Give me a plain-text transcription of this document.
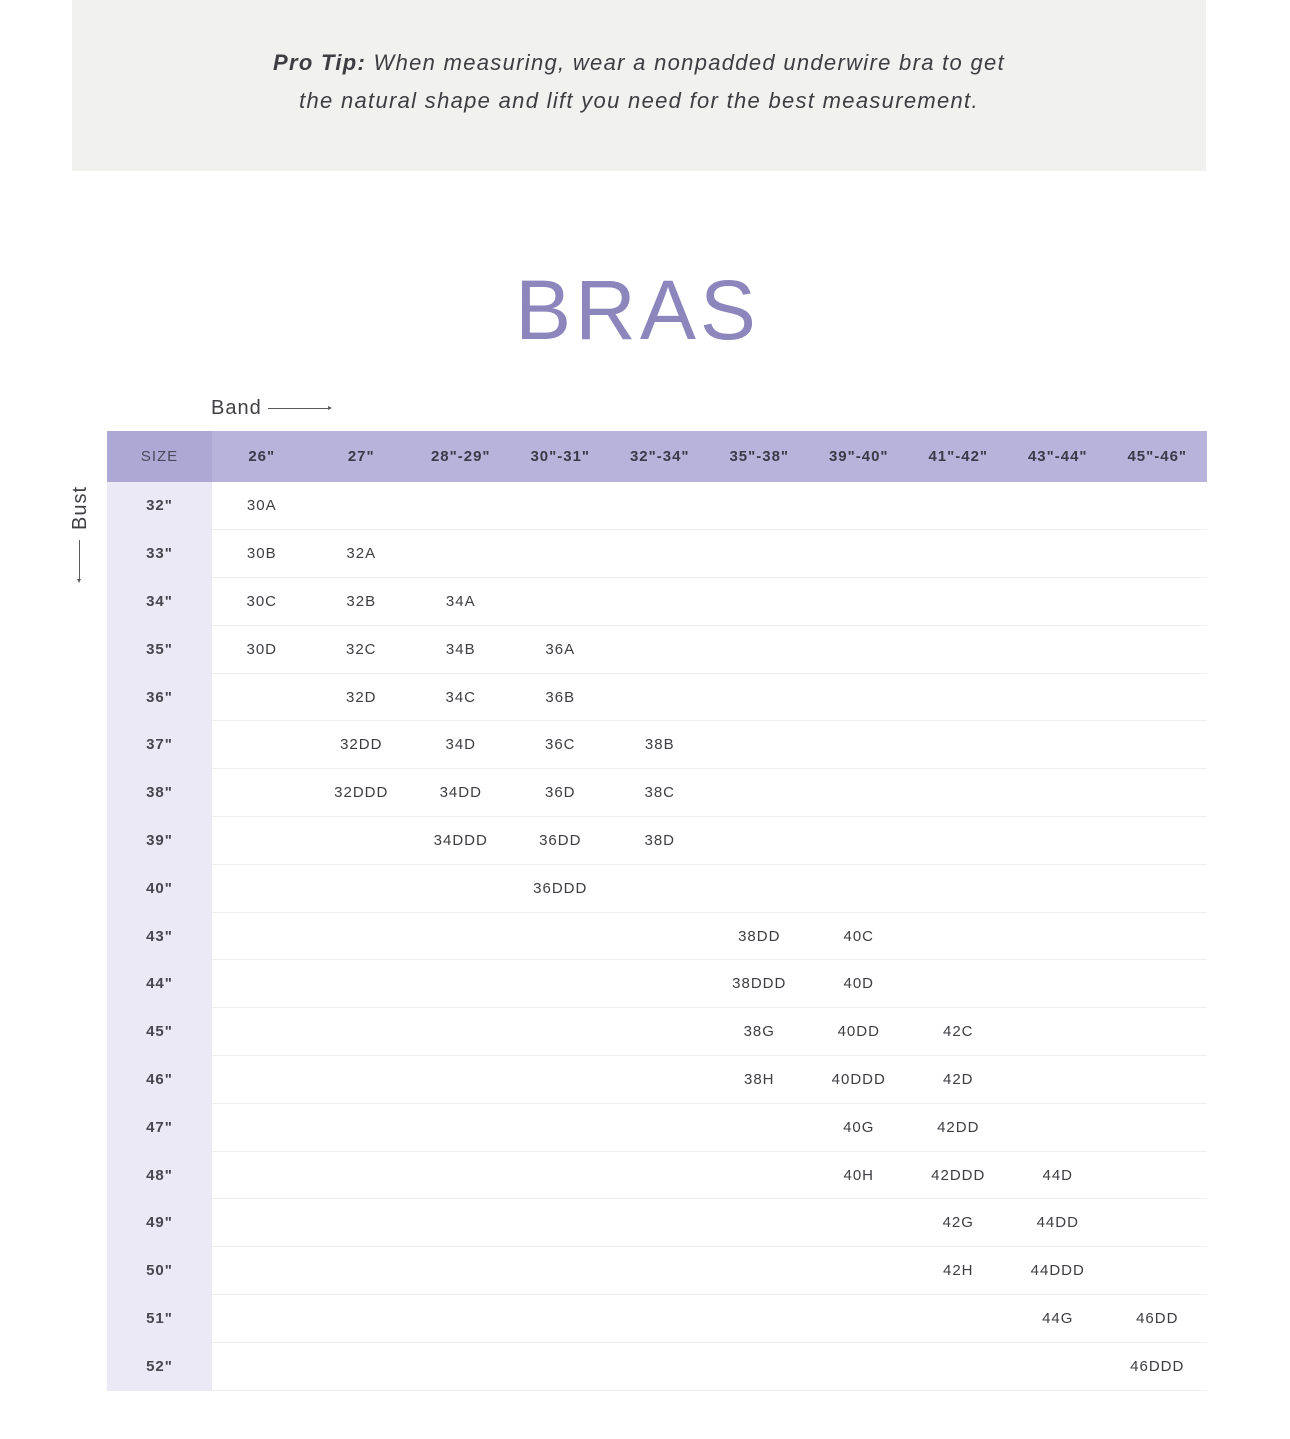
Pro Tip: When measuring, wear a nonpadded underwire bra to get
the natural shape and lift you need for the best measurement.
BRAS
Band
Bust
SIZE	26"	27"	28"-29"	30"-31"	32"-34"	35"-38"	39"-40"	41"-42"	43"-44"	45"-46"
32"	30A									
33"	30B	32A								
34"	30C	32B	34A							
35"	30D	32C	34B	36A						
36"		32D	34C	36B						
37"		32DD	34D	36C	38B					
38"		32DDD	34DD	36D	38C					
39"			34DDD	36DD	38D					
40"				36DDD						
43"						38DD	40C			
44"						38DDD	40D			
45"						38G	40DD	42C		
46"						38H	40DDD	42D		
47"							40G	42DD		
48"							40H	42DDD	44D	
49"								42G	44DD	
50"								42H	44DDD	
51"									44G	46DD
52"										46DDD
